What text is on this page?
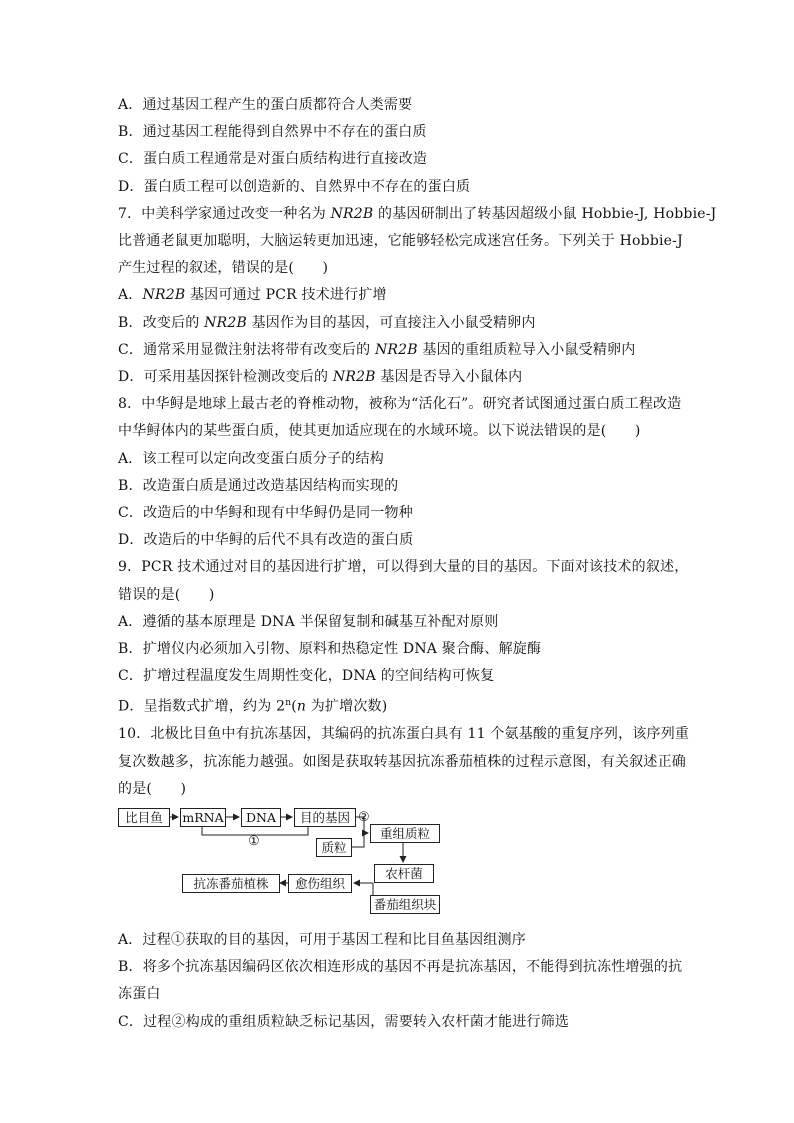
A．通过基因工程产生的蛋白质都符合人类需要
B．通过基因工程能得到自然界中不存在的蛋白质
C．蛋白质工程通常是对蛋白质结构进行直接改造
D．蛋白质工程可以创造新的、自然界中不存在的蛋白质
7．中美科学家通过改变一种名为 NR2B 的基因研制出了转基因超级小鼠 Hobbie-J, Hobbie-J
比普通老鼠更加聪明，大脑运转更加迅速，它能够轻松完成迷宫任务。下列关于 Hobbie-J
产生过程的叙述，错误的是(　　)
A．NR2B 基因可通过 PCR 技术进行扩增
B．改变后的 NR2B 基因作为目的基因，可直接注入小鼠受精卵内
C．通常采用显微注射法将带有改变后的 NR2B 基因的重组质粒导入小鼠受精卵内
D．可采用基因探针检测改变后的 NR2B 基因是否导入小鼠体内
8．中华鲟是地球上最古老的脊椎动物，被称为“活化石”。研究者试图通过蛋白质工程改造
中华鲟体内的某些蛋白质，使其更加适应现在的水域环境。以下说法错误的是(　　)
A．该工程可以定向改变蛋白质分子的结构
B．改造蛋白质是通过改造基因结构而实现的
C．改造后的中华鲟和现有中华鲟仍是同一物种
D．改造后的中华鲟的后代不具有改造的蛋白质
9．PCR 技术通过对目的基因进行扩增，可以得到大量的目的基因。下面对该技术的叙述，
错误的是(　　)
A．遵循的基本原理是 DNA 半保留复制和碱基互补配对原则
B．扩增仪内必须加入引物、原料和热稳定性 DNA 聚合酶、解旋酶
C．扩增过程温度发生周期性变化，DNA 的空间结构可恢复
D．呈指数式扩增，约为 2$^n$(n 为扩增次数)
10．北极比目鱼中有抗冻基因，其编码的抗冻蛋白具有 11 个氨基酸的重复序列，该序列重
复次数越多，抗冻能力越强。如图是获取转基因抗冻番茄植株的过程示意图，有关叙述正确
的是(　　)
比目鱼	mRNA	DNA	目的基因
①
②
质粒
重组质粒
农杆菌
番茄组织块
愈伤组织
抗冻番茄植株
A．过程①获取的目的基因，可用于基因工程和比目鱼基因组测序
B．将多个抗冻基因编码区依次相连形成的基因不再是抗冻基因，不能得到抗冻性增强的抗
冻蛋白
C．过程②构成的重组质粒缺乏标记基因，需要转入农杆菌才能进行筛选
